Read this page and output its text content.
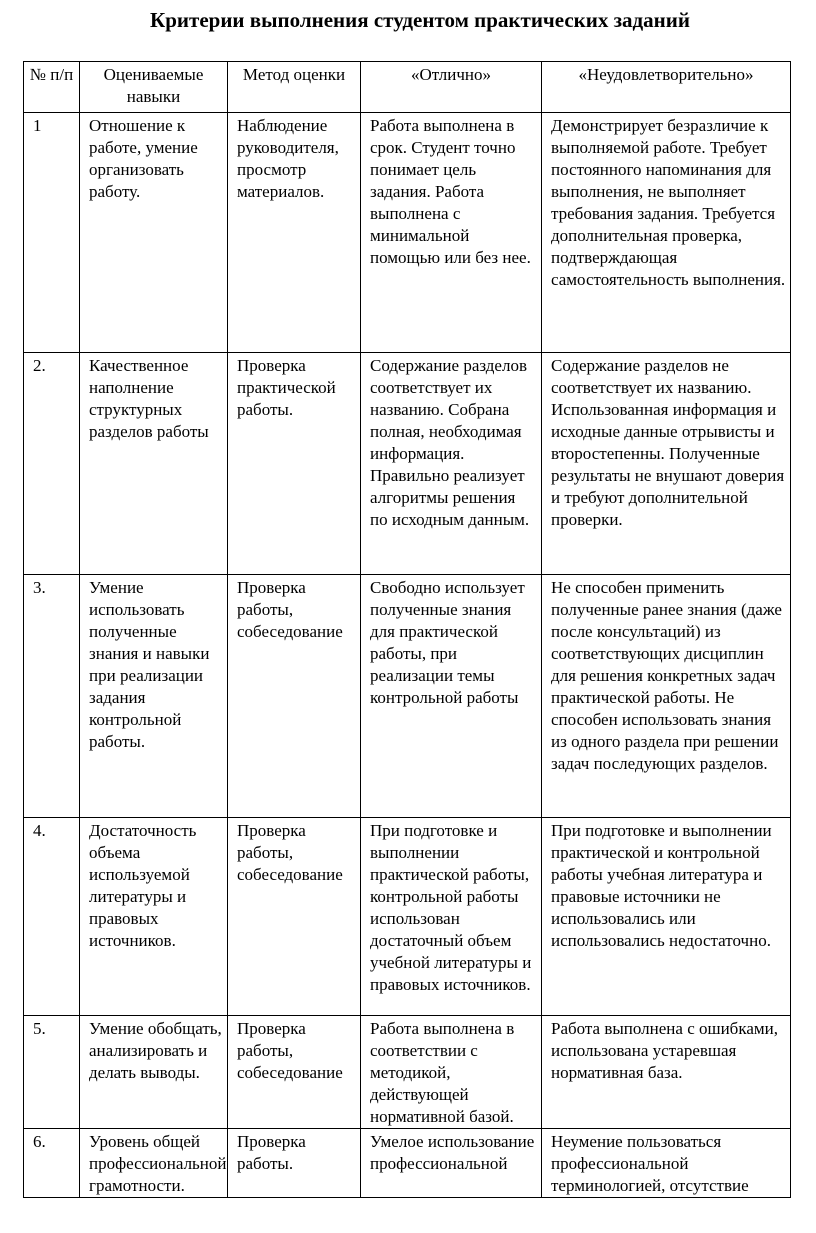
Критерии выполнения студентом практических заданий
№ п/п	Оцениваемые навыки	Метод оценки	«Отлично»	«Неудовлетворительно»
1	Отношение к работе, умение организовать работу.	Наблюдение руководителя, просмотр материалов.	Работа выполнена в срок. Студент точно понимает цель задания. Работа выполнена с минимальной помощью или без нее.	Демонстрирует безразличие к выполняемой работе. Требует постоянного напоминания для выполнения, не выполняет требования задания. Требуется дополнительная проверка, подтверждающая самостоятельность выполнения.
2.	Качественное наполнение структурных разделов работы	Проверка практической работы.	Содержание разделов соответствует их названию. Собрана полная, необходимая информация. Правильно реализует алгоритмы решения по исходным данным.	Содержание разделов не соответствует их названию. Использованная информация и исходные данные отрывисты и второстепенны. Полученные результаты не внушают доверия и требуют дополнительной проверки.
3.	Умение использовать полученные знания и навыки при реализации задания контрольной работы.	Проверка работы, собеседование	Свободно использует полученные знания для практической работы, при реализации темы контрольной работы	Не способен применить полученные ранее знания (даже после консультаций) из соответствующих дисциплин для решения конкретных задач практической работы. Не способен использовать знания из одного раздела при решении задач последующих разделов.
4.	Достаточность объема используемой литературы и правовых источников.	Проверка работы, собеседование	При подготовке и выполнении практической работы, контрольной работы использован достаточный объем учебной литературы и правовых источников.	При подготовке и выполнении практической и контрольной работы учебная литература и правовые источники не использовались или использовались недостаточно.
5.	Умение обобщать, анализировать и делать выводы.	Проверка работы, собеседование	Работа выполнена в соответствии с методикой, действующей нормативной базой.	Работа выполнена с ошибками, использована устаревшая нормативная база.
6.	Уровень общей профессиональной грамотности.	Проверка работы.	Умелое использование профессиональной	Неумение пользоваться профессиональной терминологией, отсутствие
